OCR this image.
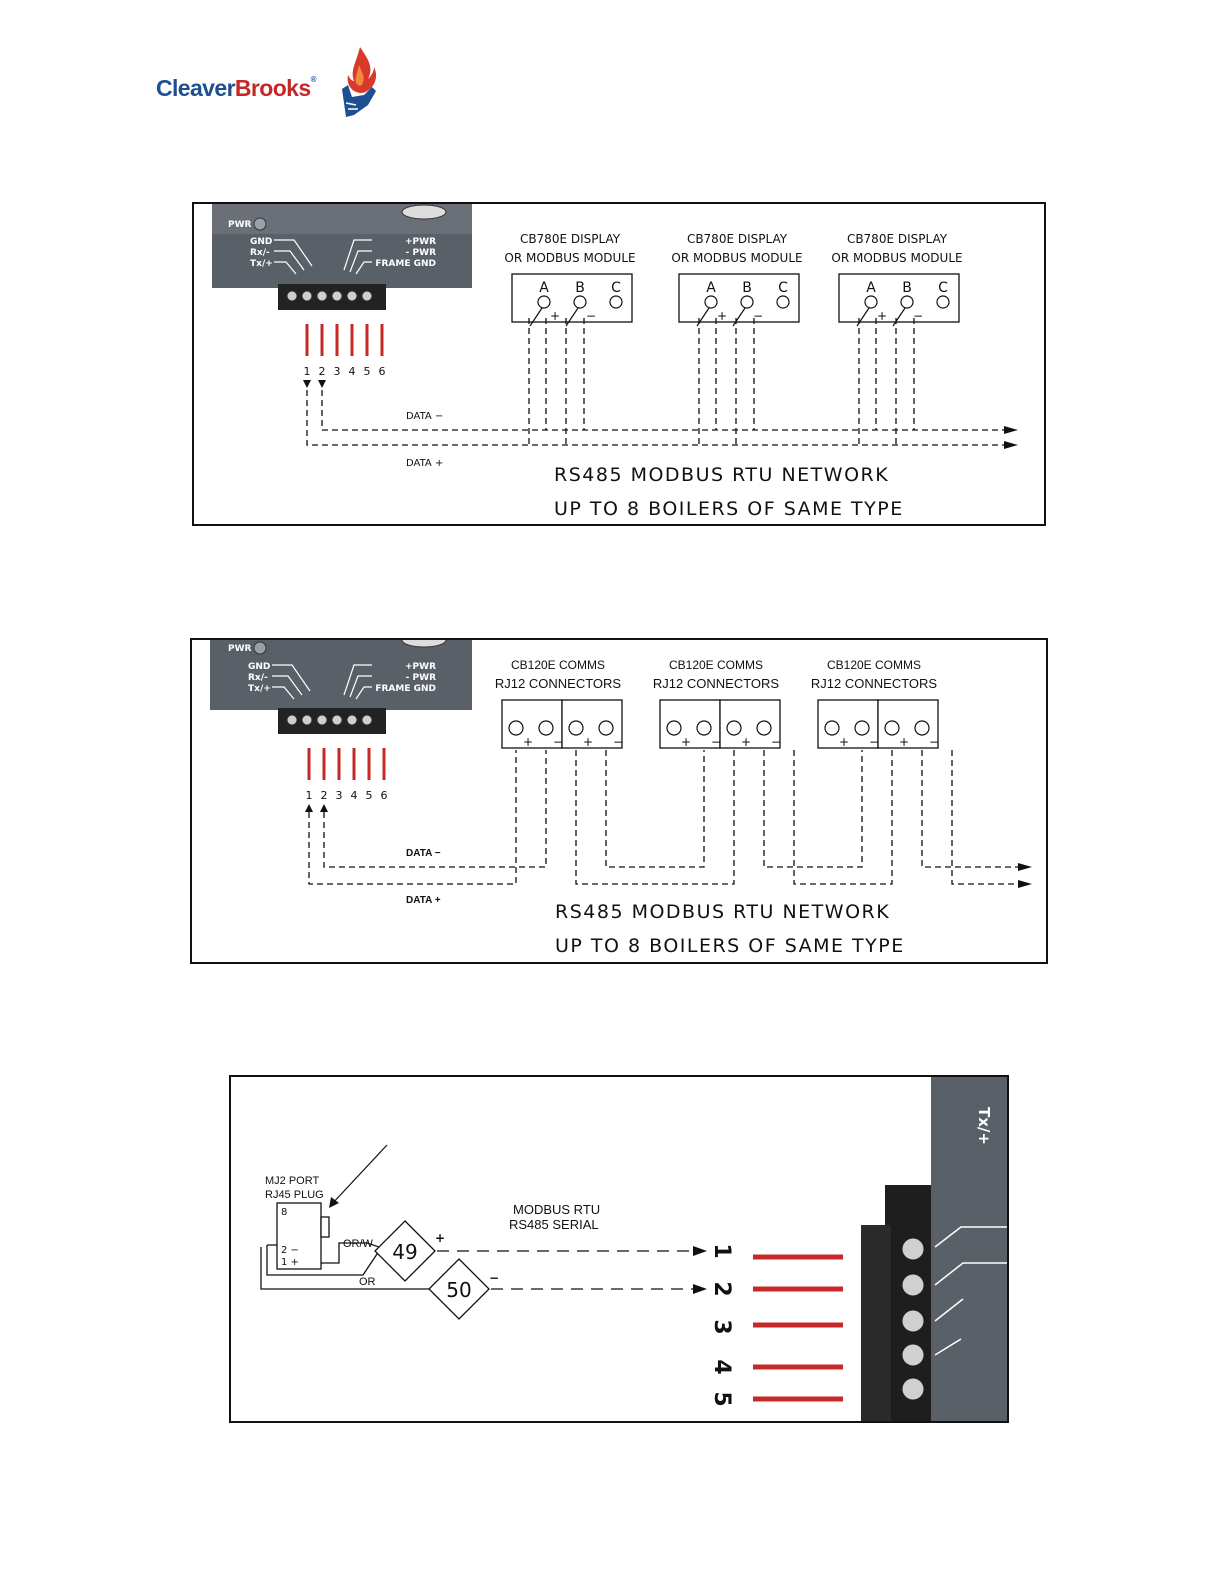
CleaverBrooks®
PWR
GND
Rx/-
Tx/+
+PWR
- PWR
FRAME GND
1 2 3 4 5 6
CB780E DISPLAY
OR MODBUS MODULE
A B C
+ −
CB780E DISPLAY
OR MODBUS MODULE
A B C
+ −
CB780E DISPLAY
OR MODBUS MODULE
A B C
+ −
DATA −
DATA +
RS485 MODBUS RTU NETWORK
UP TO 8 BOILERS OF SAME TYPE
PWR
GND
Rx/-
Tx/+
+PWR
- PWR
FRAME GND
1 2 3 4 5 6
CB120E COMMS
RJ12 CONNECTORS
+ − + −
CB120E COMMS
RJ12 CONNECTORS
+ − + −
CB120E COMMS
RJ12 CONNECTORS
+ − + −
DATA −
DATA +
RS485 MODBUS RTU NETWORK
UP TO 8 BOILERS OF SAME TYPE
MJ2 PORT
RJ45 PLUG
8
2 −
1 +
OR/W
OR
49
50
+
−
MODBUS RTU
RS485 SERIAL
1
2
3
4
5
Tx/+
